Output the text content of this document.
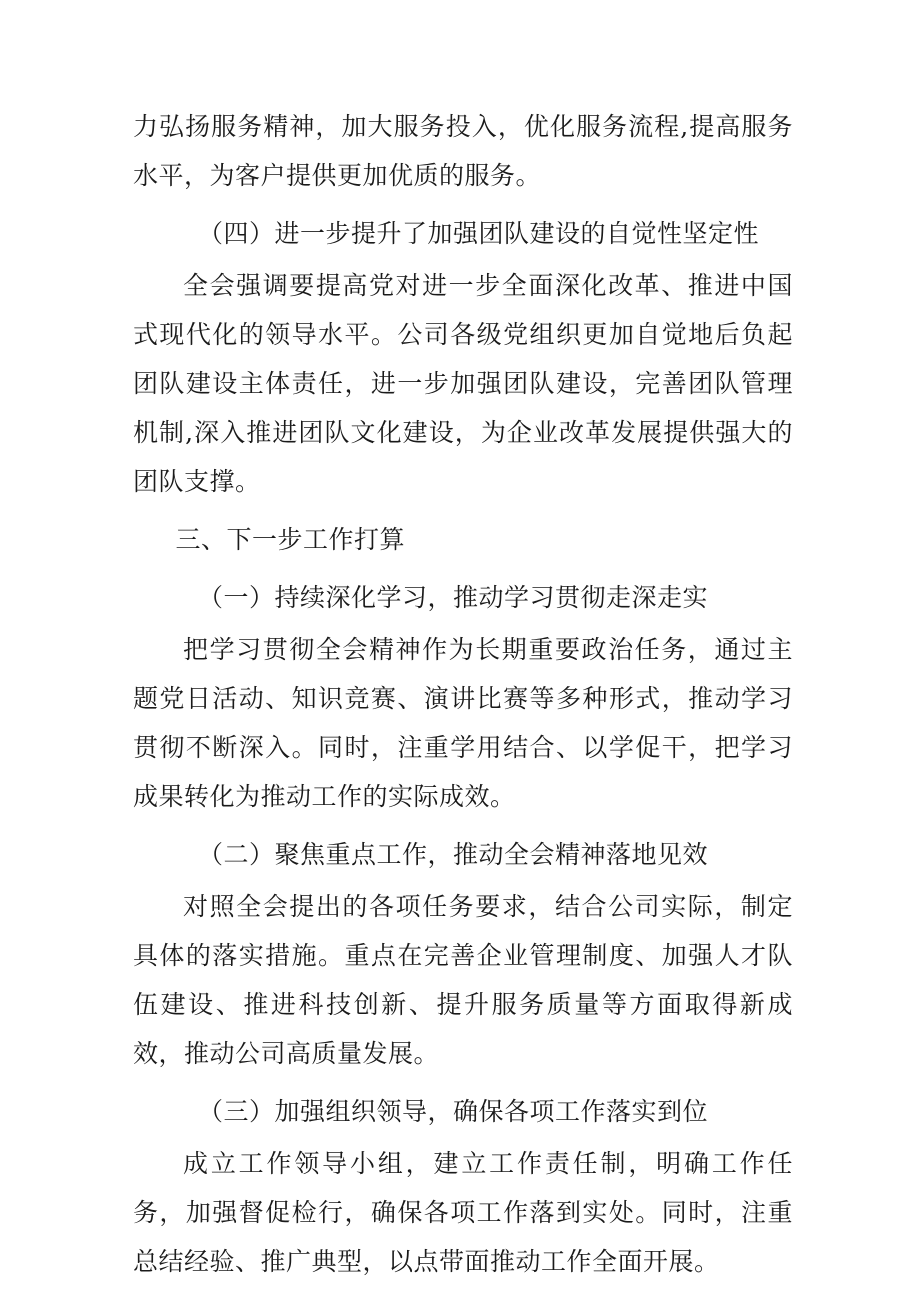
力弘扬服务精神，加大服务投入，优化服务流程,提高服务水平，为客户提供更加优质的服务。

（四）进一步提升了加强团队建设的自觉性坚定性

全会强调要提高党对进一步全面深化改革、推进中国式现代化的领导水平。公司各级党组织更加自觉地后负起团队建设主体责任，进一步加强团队建设，完善团队管理机制,深入推进团队文化建设，为企业改革发展提供强大的团队支撑。

三、下一步工作打算

（一）持续深化学习，推动学习贯彻走深走实

把学习贯彻全会精神作为长期重要政治任务，通过主题党日活动、知识竞赛、演讲比赛等多种形式，推动学习贯彻不断深入。同时，注重学用结合、以学促干，把学习成果转化为推动工作的实际成效。

（二）聚焦重点工作，推动全会精神落地见效

对照全会提出的各项任务要求，结合公司实际，制定具体的落实措施。重点在完善企业管理制度、加强人才队伍建设、推进科技创新、提升服务质量等方面取得新成效，推动公司高质量发展。

（三）加强组织领导，确保各项工作落实到位

成立工作领导小组，建立工作责任制，明确工作任务，加强督促检行，确保各项工作落到实处。同时，注重总结经验、推广典型，以点带面推动工作全面开展。
